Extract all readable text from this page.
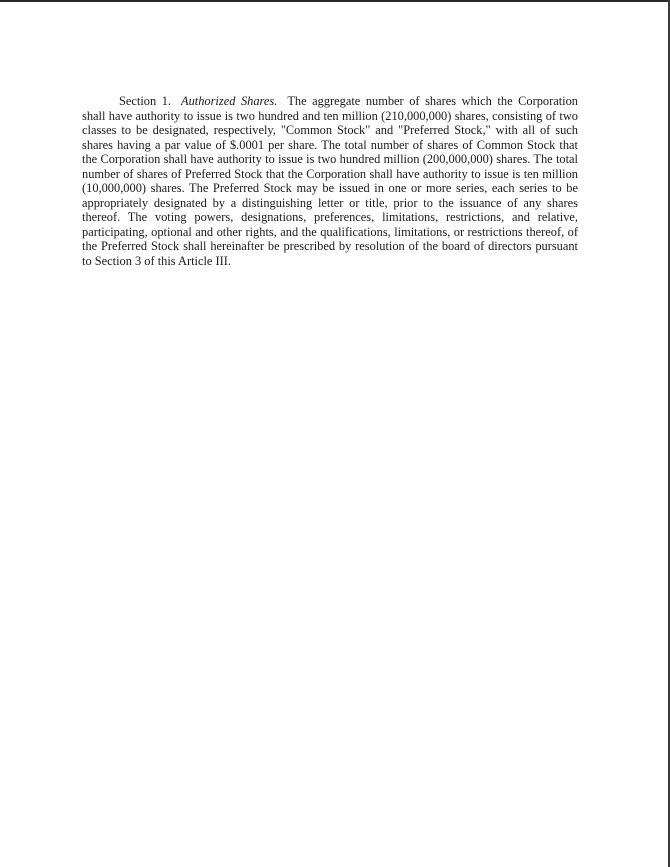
Section 1. Authorized Shares. The aggregate number of shares which the Corporation shall have authority to issue is two hundred and ten million (210,000,000) shares, consisting of two classes to be designated, respectively, "Common Stock" and "Preferred Stock," with all of such shares having a par value of $.0001 per share. The total number of shares of Common Stock that the Corporation shall have authority to issue is two hundred million (200,000,000) shares. The total number of shares of Preferred Stock that the Corporation shall have authority to issue is ten million (10,000,000) shares. The Preferred Stock may be issued in one or more series, each series to be appropriately designated by a distinguishing letter or title, prior to the issuance of any shares thereof. The voting powers, designations, preferences, limitations, restrictions, and relative, participating, optional and other rights, and the qualifications, limitations, or restrictions thereof, of the Preferred Stock shall hereinafter be prescribed by resolution of the board of directors pursuant to Section 3 of this Article III.
